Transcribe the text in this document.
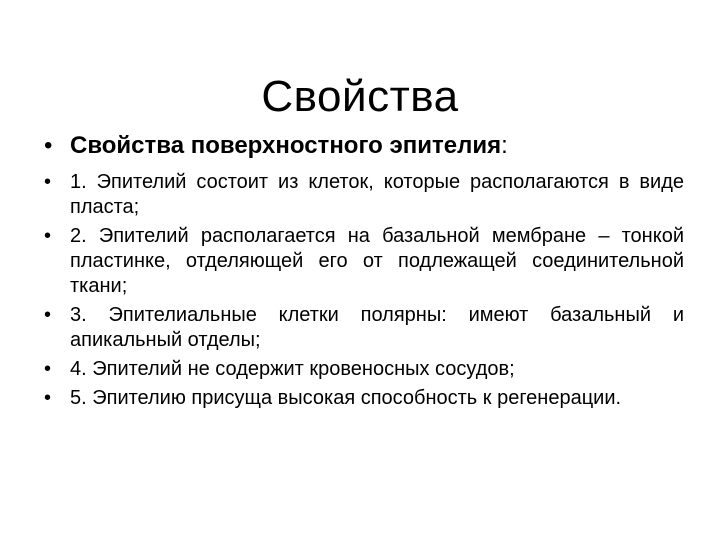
Свойства
• Свойства поверхностного эпителия:
• 1. Эпителий состоит из клеток, которые располагаются в виде пласта;
• 2. Эпителий располагается на базальной мембране – тонкой пластинке, отделяющей его от подлежащей соединительной ткани;
• 3. Эпителиальные клетки полярны: имеют базальный и апикальный отделы;
• 4. Эпителий не содержит кровеносных сосудов;
• 5. Эпителию присуща высокая способность к регенерации.
